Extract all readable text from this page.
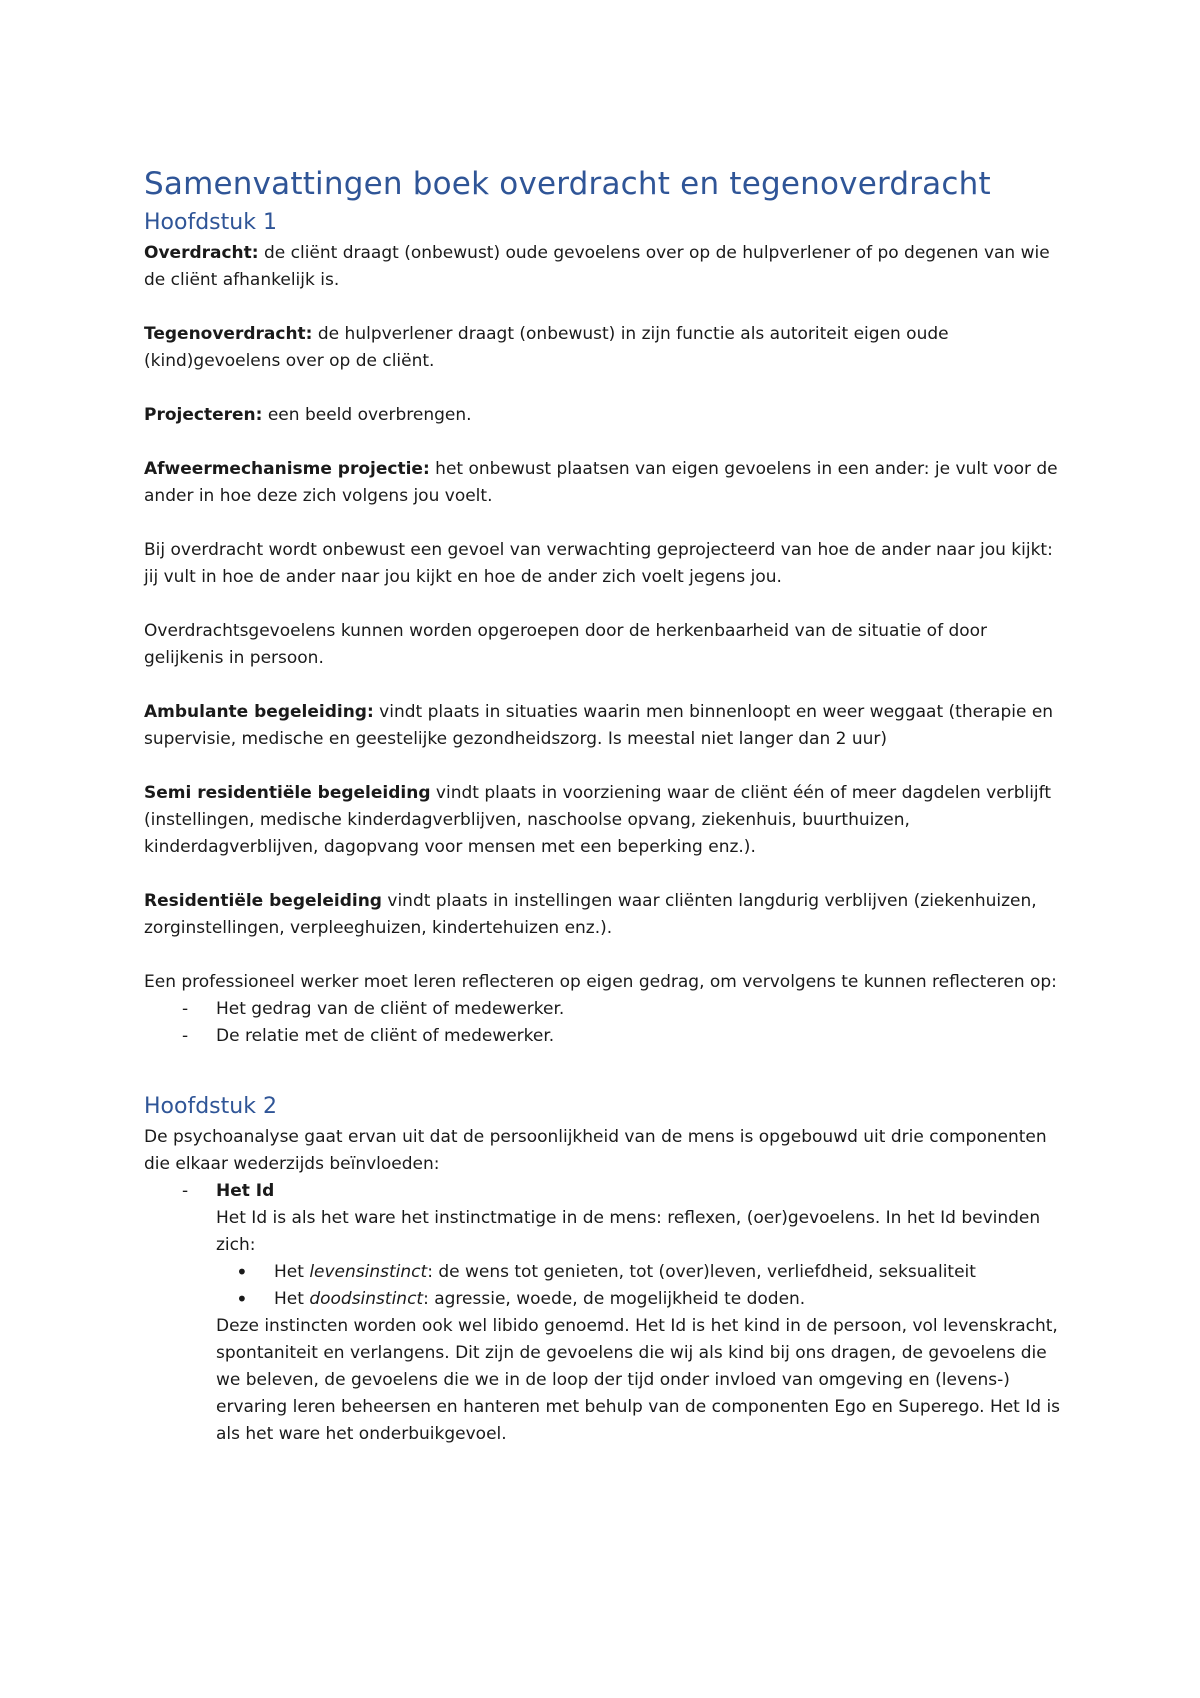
Samenvattingen boek overdracht en tegenoverdracht
Hoofdstuk 1

Overdracht: de cliënt draagt (onbewust) oude gevoelens over op de hulpverlener of po degenen van wie de cliënt afhankelijk is.

Tegenoverdracht: de hulpverlener draagt (onbewust) in zijn functie als autoriteit eigen oude (kind)gevoelens over op de cliënt.

Projecteren: een beeld overbrengen.

Afweermechanisme projectie: het onbewust plaatsen van eigen gevoelens in een ander: je vult voor de ander in hoe deze zich volgens jou voelt.

Bij overdracht wordt onbewust een gevoel van verwachting geprojecteerd van hoe de ander naar jou kijkt: jij vult in hoe de ander naar jou kijkt en hoe de ander zich voelt jegens jou.

Overdrachtsgevoelens kunnen worden opgeroepen door de herkenbaarheid van de situatie of door gelijkenis in persoon.

Ambulante begeleiding: vindt plaats in situaties waarin men binnenloopt en weer weggaat (therapie en supervisie, medische en geestelijke gezondheidszorg. Is meestal niet langer dan 2 uur)

Semi residentiële begeleiding vindt plaats in voorziening waar de cliënt één of meer dagdelen verblijft (instellingen, medische kinderdagverblijven, naschoolse opvang, ziekenhuis, buurthuizen, kinderdagverblijven, dagopvang voor mensen met een beperking enz.).

Residentiële begeleiding vindt plaats in instellingen waar cliënten langdurig verblijven (ziekenhuizen, zorginstellingen, verpleeghuizen, kindertehuizen enz.).

Een professioneel werker moet leren reflecteren op eigen gedrag, om vervolgens te kunnen reflecteren op:

- Het gedrag van de cliënt of medewerker.
- De relatie met de cliënt of medewerker.
Hoofdstuk 2

De psychoanalyse gaat ervan uit dat de persoonlijkheid van de mens is opgebouwd uit drie componenten die elkaar wederzijds beïnvloeden:

- Het Id
Het Id is als het ware het instinctmatige in de mens: reflexen, (oer)gevoelens. In het Id bevinden zich:
• Het levensinstinct: de wens tot genieten, tot (over)leven, verliefdheid, seksualiteit
• Het doodsinstinct: agressie, woede, de mogelijkheid te doden.

Deze instincten worden ook wel libido genoemd. Het Id is het kind in de persoon, vol levenskracht, spontaniteit en verlangens. Dit zijn de gevoelens die wij als kind bij ons dragen, de gevoelens die we beleven, de gevoelens die we in de loop der tijd onder invloed van omgeving en (levens-) ervaring leren beheersen en hanteren met behulp van de componenten Ego en Superego. Het Id is als het ware het onderbuikgevoel.
